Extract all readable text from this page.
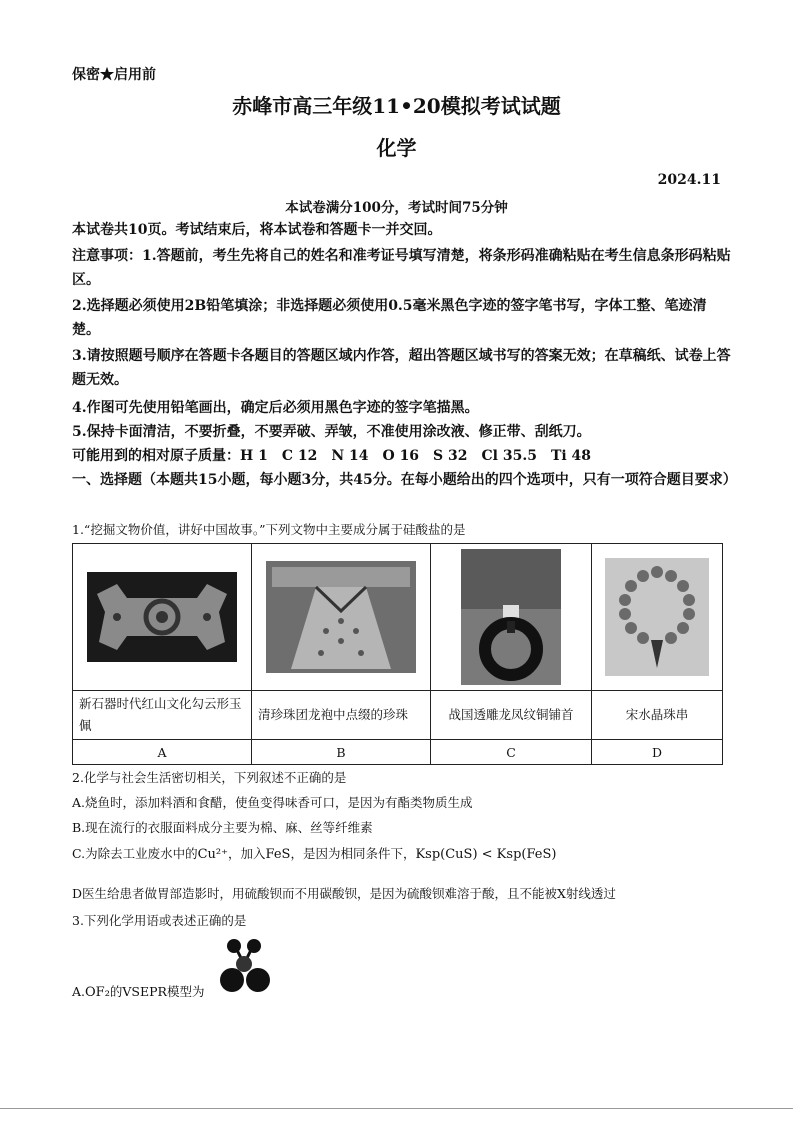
保密★启用前
赤峰市高三年级11•20模拟考试试题
化学
2024.11
本试卷满分100分，考试时间75分钟
本试卷共10页。考试结束后，将本试卷和答题卡一并交回。
注意事项：1.答题前，考生先将自己的姓名和准考证号填写清楚，将条形码准确粘贴在考生信息条形码粘贴区。
2.选择题必须使用2B铅笔填涂；非选择题必须使用0.5毫米黑色字迹的签字笔书写，字体工整、笔迹清楚。
3.请按照题号顺序在答题卡各题目的答题区域内作答，超出答题区域书写的答案无效；在草稿纸、试卷上答题无效。
4.作图可先使用铅笔画出，确定后必须用黑色字迹的签字笔描黑。
5.保持卡面清洁，不要折叠，不要弄破、弄皱，不准使用涂改液、修正带、刮纸刀。
可能用到的相对原子质量：H 1　C 12　N 14　O 16　S 32　Cl 35.5　Ti 48
一、选择题（本题共15小题，每小题3分，共45分。在每小题给出的四个选项中，只有一项符合题目要求）
1.“挖掘文物价值，讲好中国故事。”下列文物中主要成分属于硅酸盐的是

新石器时代红山文化勾云形玉佩	清珍珠团龙袍中点缀的珍珠	战国透雕龙凤纹铜铺首	宋水晶珠串
A	B	C	D
2.化学与社会生活密切相关，下列叙述不正确的是
A.烧鱼时，添加料酒和食醋，使鱼变得味香可口，是因为有酯类物质生成
B.现在流行的衣服面料成分主要为棉、麻、丝等纤维素
C.为除去工业废水中的Cu²⁺，加入FeS，是因为相同条件下，Ksp(CuS) < Ksp(FeS)
D医生给患者做胃部造影时，用硫酸钡而不用碳酸钡，是因为硫酸钡难溶于酸，且不能被X射线透过
3.下列化学用语或表述正确的是
A.OF₂的VSEPR模型为
